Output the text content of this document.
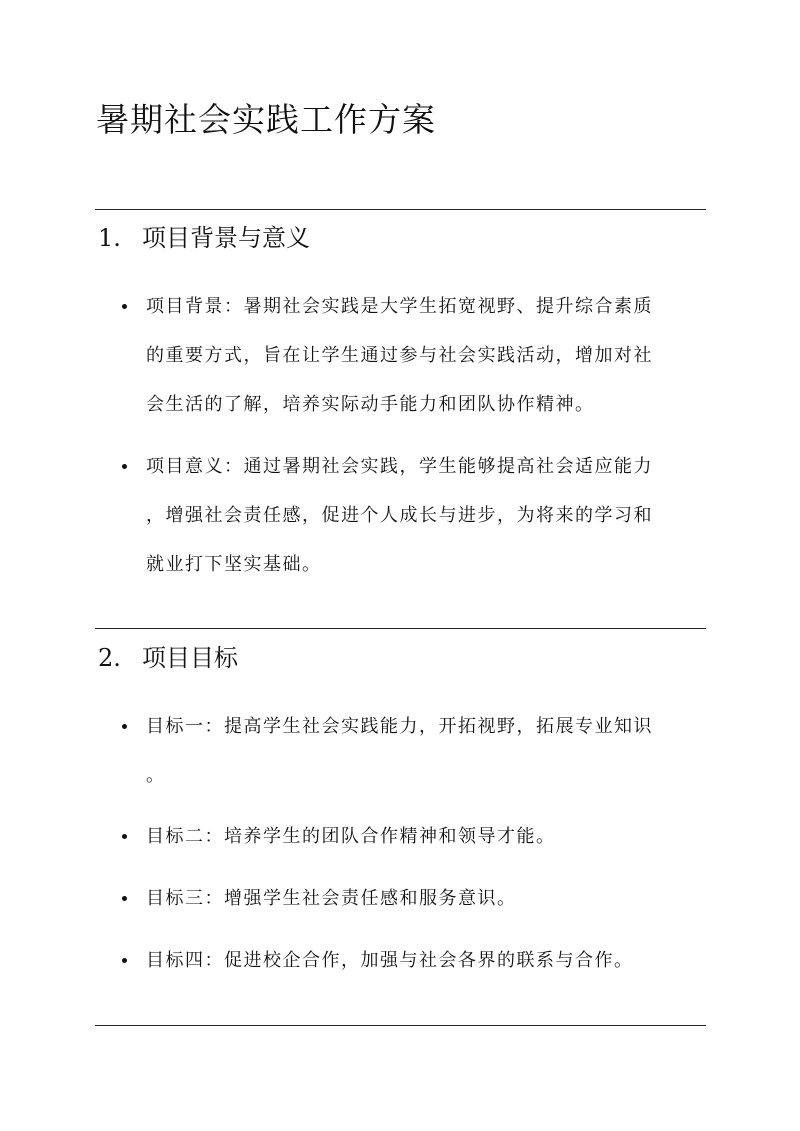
暑期社会实践工作方案
1. 项目背景与意义
项目背景：暑期社会实践是大学生拓宽视野、提升综合素质
的重要方式，旨在让学生通过参与社会实践活动，增加对社
会生活的了解，培养实际动手能力和团队协作精神。
项目意义：通过暑期社会实践，学生能够提高社会适应能力
，增强社会责任感，促进个人成长与进步，为将来的学习和
就业打下坚实基础。
2. 项目目标
目标一：提高学生社会实践能力，开拓视野，拓展专业知识
。
目标二：培养学生的团队合作精神和领导才能。
目标三：增强学生社会责任感和服务意识。
目标四：促进校企合作，加强与社会各界的联系与合作。
